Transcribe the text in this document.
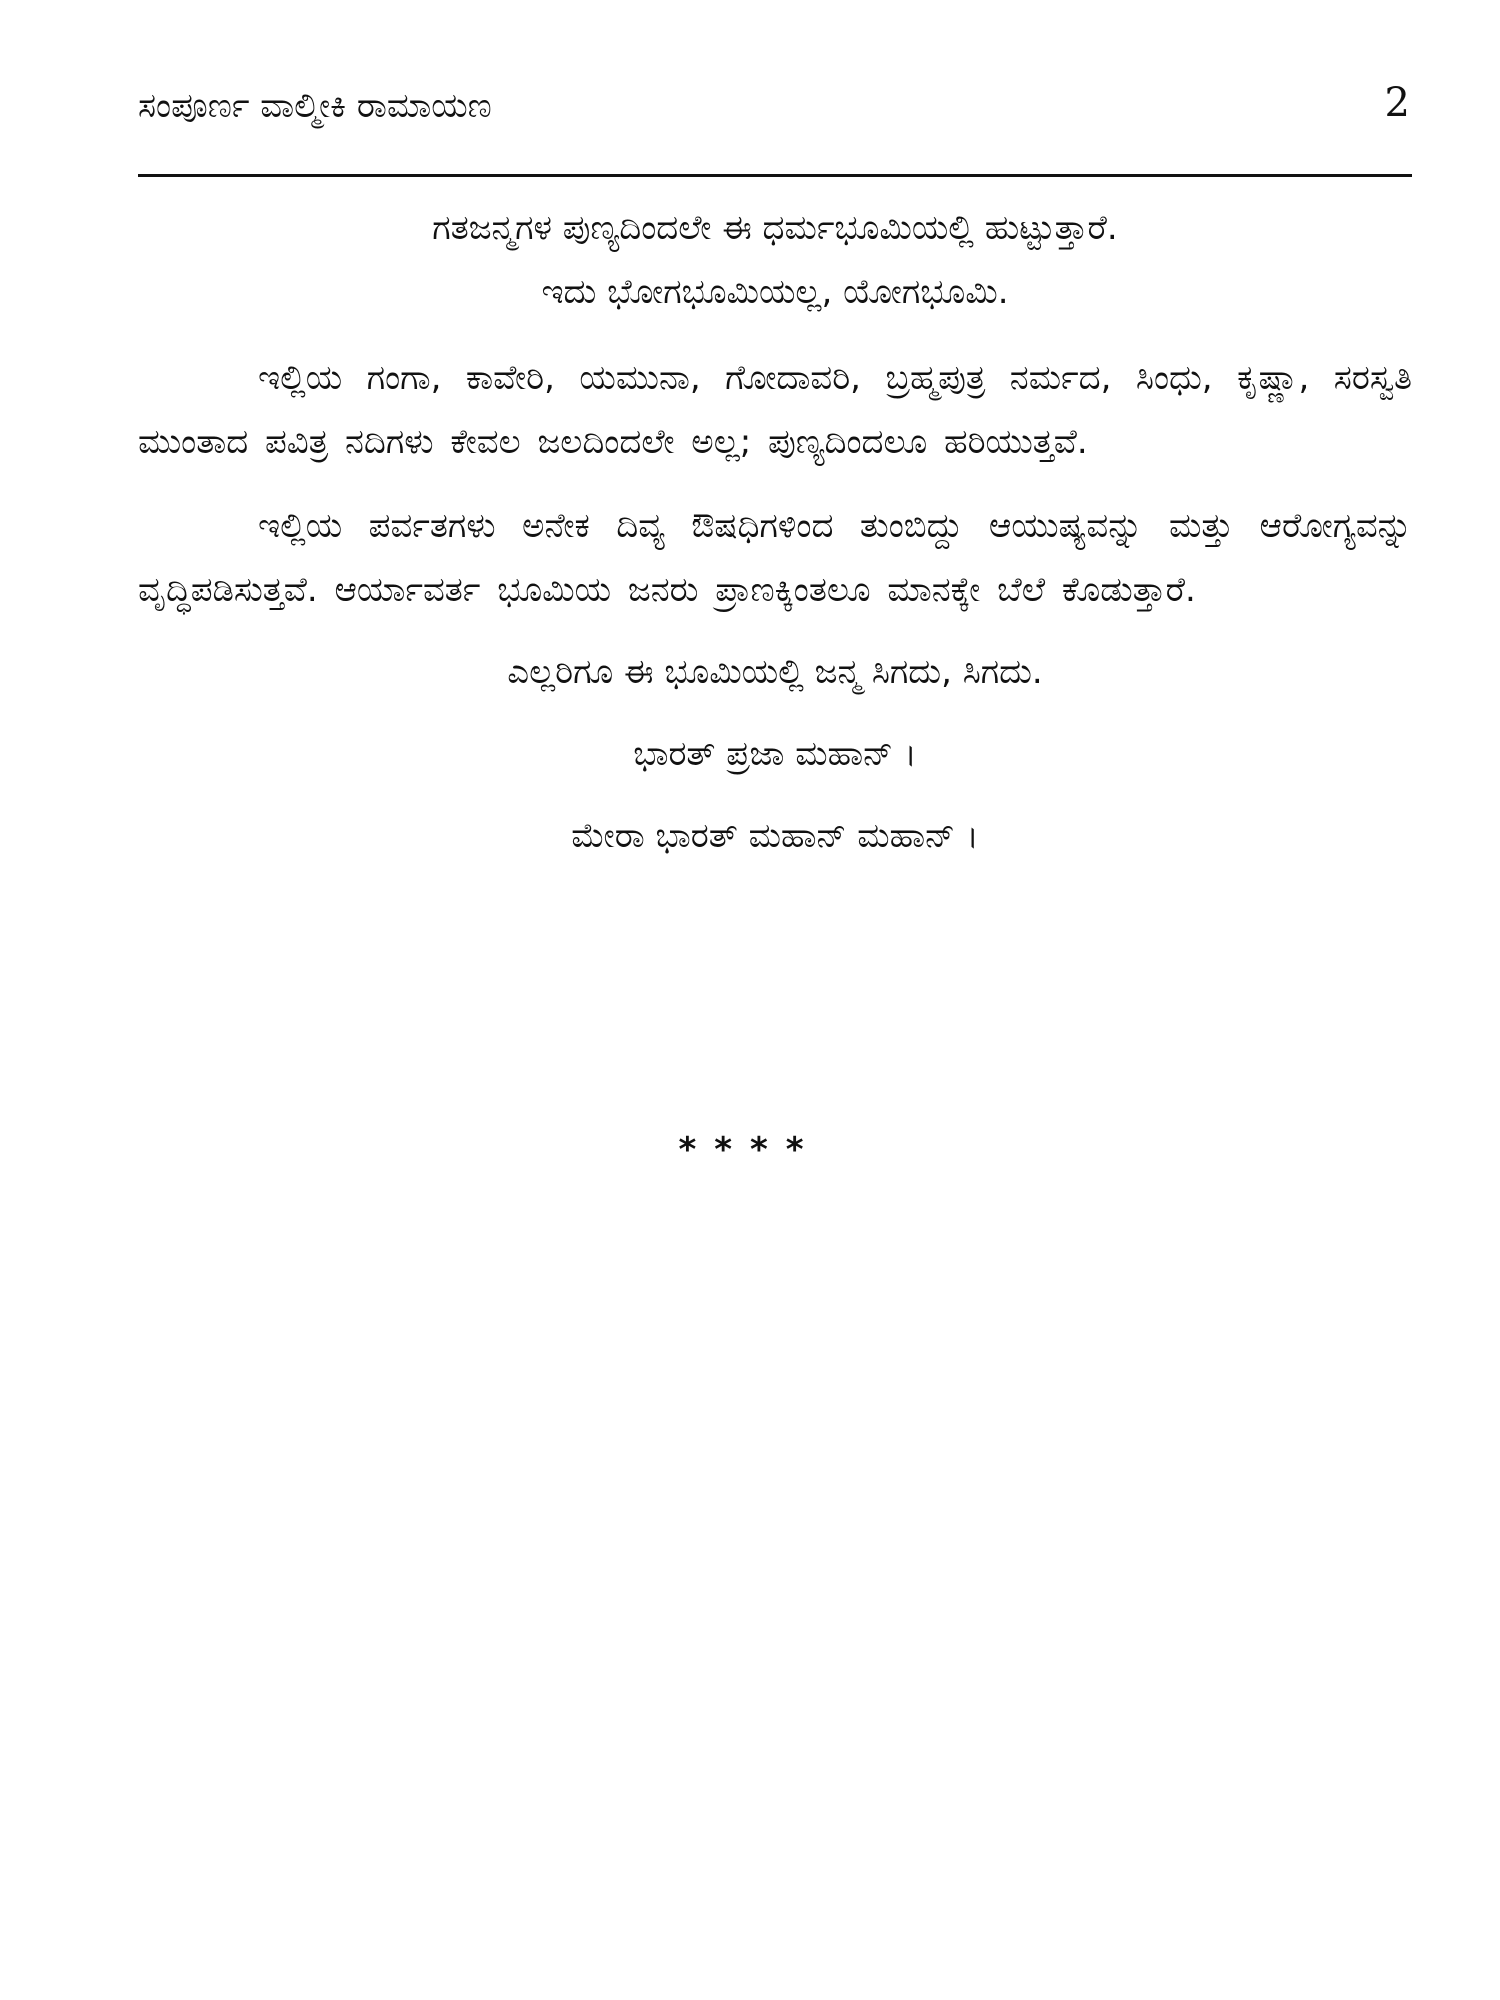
ಸಂಪೂರ್ಣ ವಾಲ್ಮೀಕಿ ರಾಮಾಯಣ	2

ಗತಜನ್ಮಗಳ ಪುಣ್ಯದಿಂದಲೇ ಈ ಧರ್ಮಭೂಮಿಯಲ್ಲಿ ಹುಟ್ಟುತ್ತಾರೆ.

ಇದು ಭೋಗಭೂಮಿಯಲ್ಲ, ಯೋಗಭೂಮಿ.

ಇಲ್ಲಿಯ ಗಂಗಾ, ಕಾವೇರಿ, ಯಮುನಾ, ಗೋದಾವರಿ, ಬ್ರಹ್ಮಪುತ್ರ ನರ್ಮದ, ಸಿಂಧು, ಕೃಷ್ಣಾ, ಸರಸ್ವತಿ ಮುಂತಾದ ಪವಿತ್ರ ನದಿಗಳು ಕೇವಲ ಜಲದಿಂದಲೇ ಅಲ್ಲ; ಪುಣ್ಯದಿಂದಲೂ ಹರಿಯುತ್ತವೆ.

ಇಲ್ಲಿಯ ಪರ್ವತಗಳು ಅನೇಕ ದಿವ್ಯ ಔಷಧಿಗಳಿಂದ ತುಂಬಿದ್ದು ಆಯುಷ್ಯವನ್ನು ಮತ್ತು ಆರೋಗ್ಯವನ್ನು ವೃದ್ಧಿಪಡಿಸುತ್ತವೆ. ಆರ್ಯಾವರ್ತ ಭೂಮಿಯ ಜನರು ಪ್ರಾಣಕ್ಕಿಂತಲೂ ಮಾನಕ್ಕೇ ಬೆಲೆ ಕೊಡುತ್ತಾರೆ.

ಎಲ್ಲರಿಗೂ ಈ ಭೂಮಿಯಲ್ಲಿ ಜನ್ಮ ಸಿಗದು, ಸಿಗದು.

ಭಾರತ್ ಪ್ರಜಾ ಮಹಾನ್ ।

ಮೇರಾ ಭಾರತ್ ಮಹಾನ್ ಮಹಾನ್ ।

****
